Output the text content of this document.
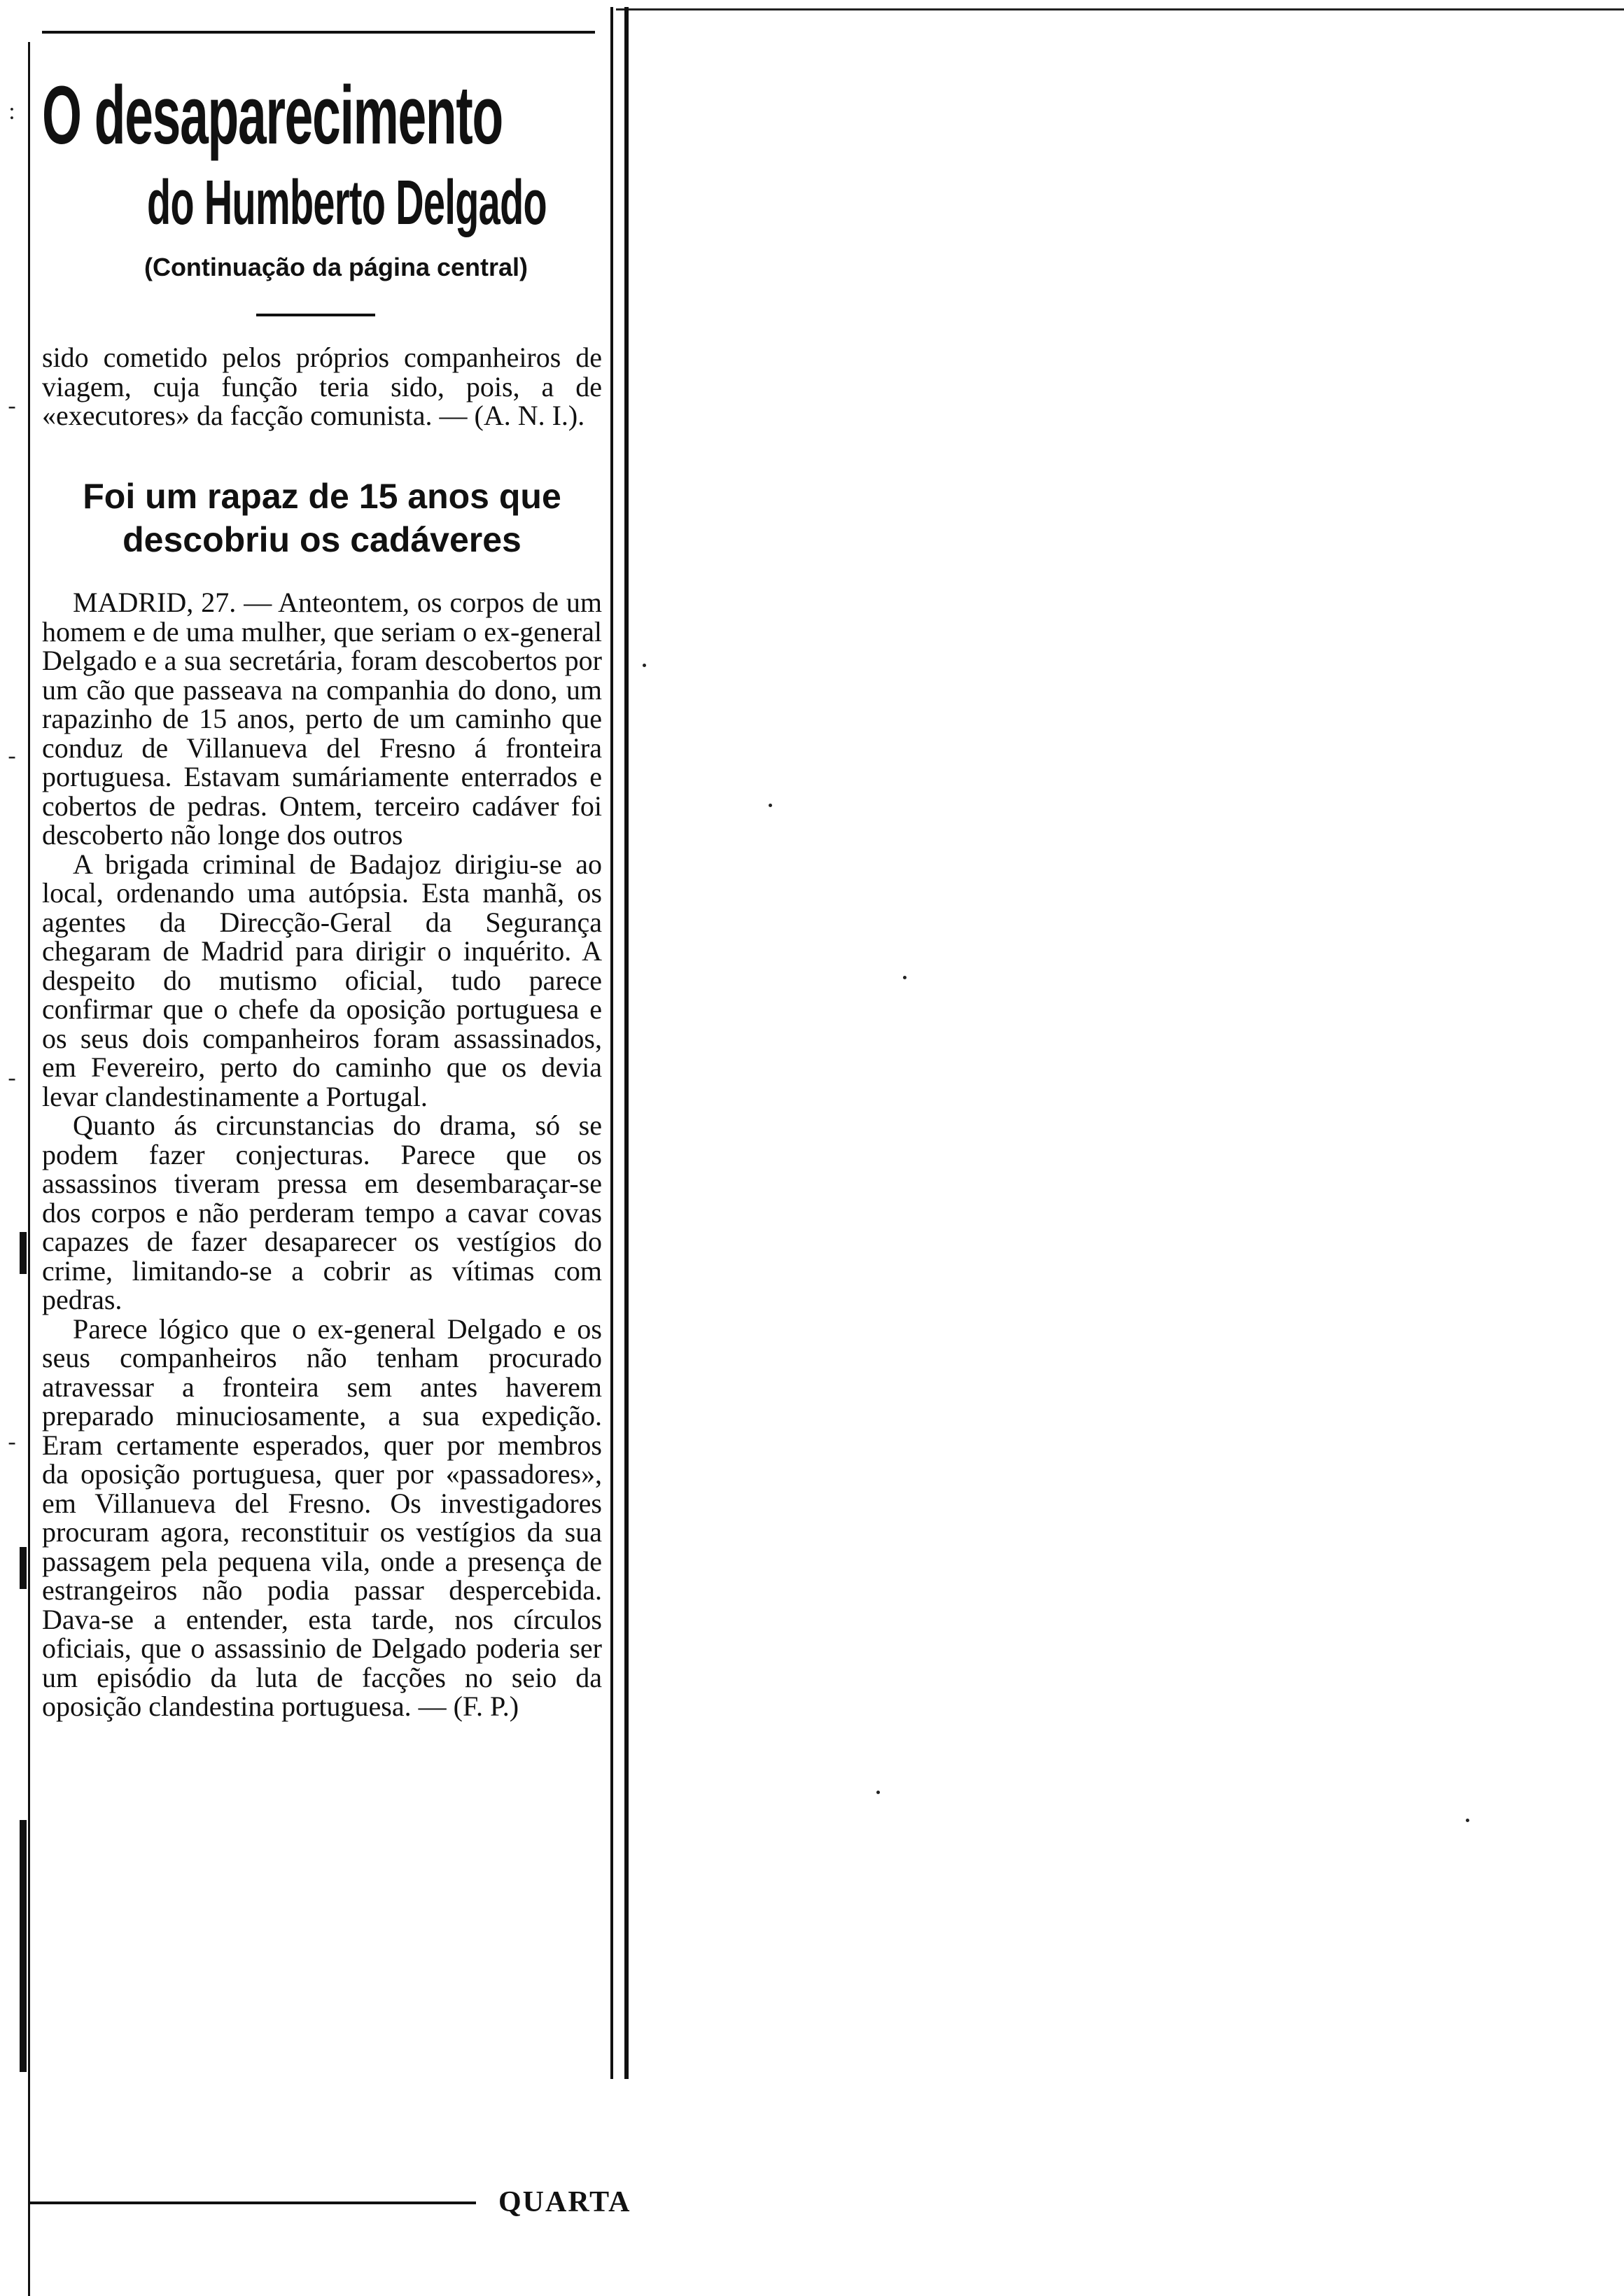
:
-
-
-
-
O desaparecimento
do Humberto Delgado
(Continuação da página central)

sido cometido pelos próprios companheiros de viagem, cuja função teria sido, pois, a de «executores» da facção comunista. — (A. N. I.).

Foi um rapaz de 15 anos que
descobriu os cadáveres

MADRID, 27. — Anteontem, os corpos de um homem e de uma mulher, que seriam o ex-general Delgado e a sua secretária, foram descobertos por um cão que passeava na companhia do dono, um rapazinho de 15 anos, perto de um caminho que conduz de Villanueva del Fresno á fronteira portuguesa. Estavam sumáriamente enterrados e cobertos de pedras. Ontem, terceiro cadáver foi descoberto não longe dos outros

A brigada criminal de Badajoz dirigiu-se ao local, ordenando uma autópsia. Esta manhã, os agentes da Direcção-Geral da Segurança chegaram de Madrid para dirigir o inquérito. A despeito do mutismo oficial, tudo parece confirmar que o chefe da oposição portuguesa e os seus dois companheiros foram assassinados, em Fevereiro, perto do caminho que os devia levar clandestinamente a Portugal.

Quanto ás circunstancias do drama, só se podem fazer conjecturas. Parece que os assassinos tiveram pressa em desembaraçar-se dos corpos e não perderam tempo a cavar covas capazes de fazer desaparecer os vestígios do crime, limitando-se a cobrir as vítimas com pedras.

Parece lógico que o ex-general Delgado e os seus companheiros não tenham procurado atravessar a fronteira sem antes haverem preparado minuciosamente, a sua expedição. Eram certamente esperados, quer por membros da oposição portuguesa, quer por «passadores», em Villanueva del Fresno. Os investigadores procuram agora, reconstituir os vestígios da sua passagem pela pequena vila, onde a presença de estrangeiros não podia passar despercebida. Dava-se a entender, esta tarde, nos círculos oficiais, que o assassinio de Delgado poderia ser um episódio da luta de facções no seio da oposição clandestina portuguesa. — (F. P.)

QUARTA
